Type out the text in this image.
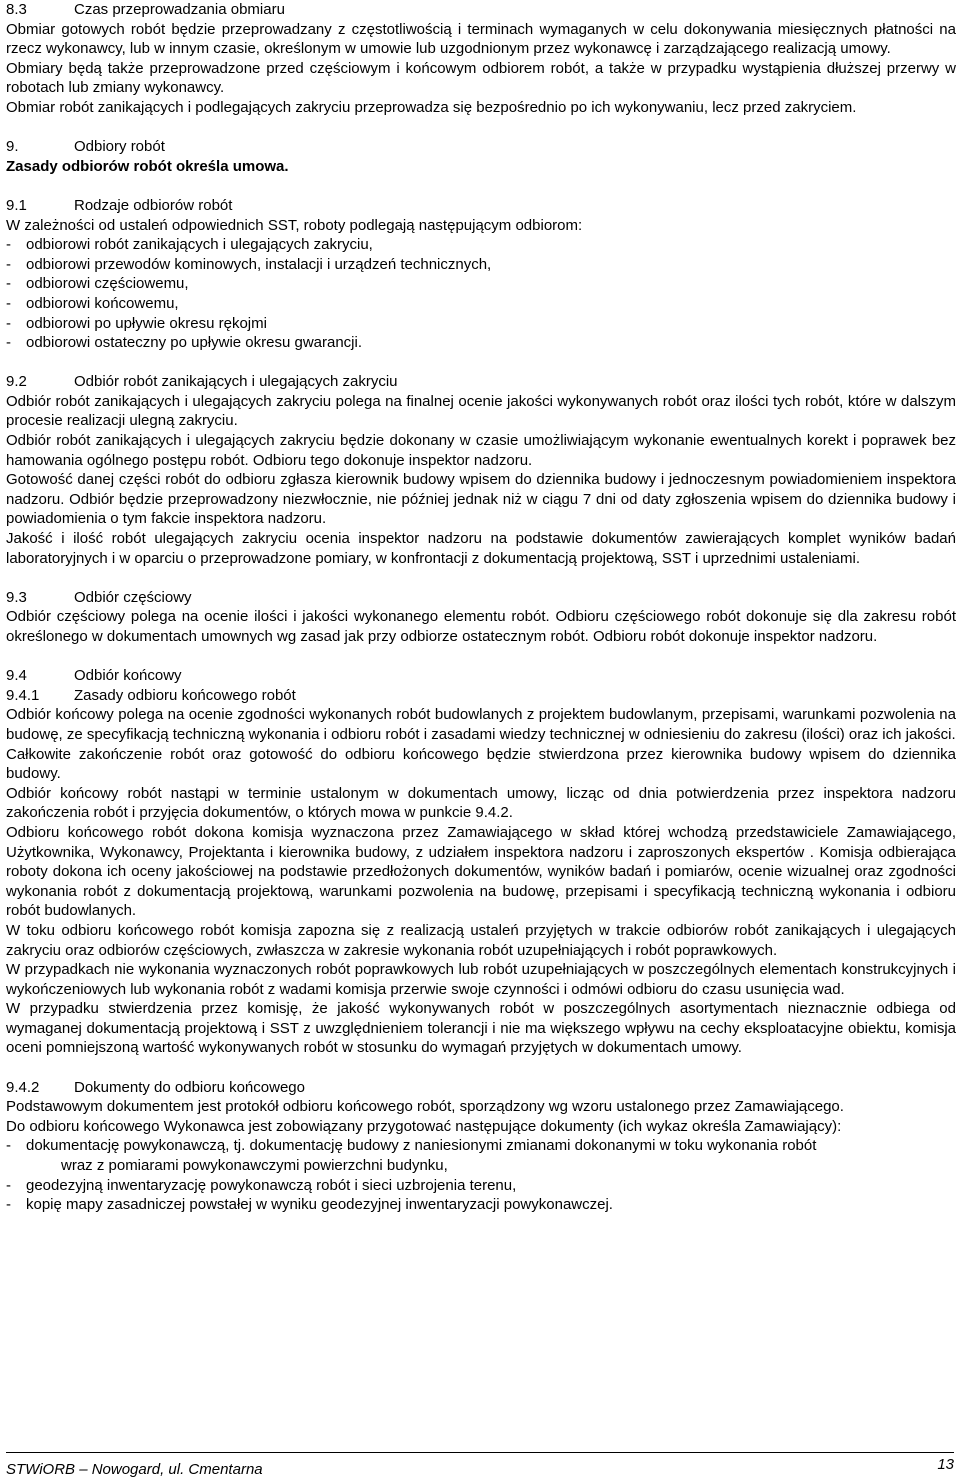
8.3	Czas przeprowadzania obmiaru

Obmiar gotowych robót będzie przeprowadzany z częstotliwością i terminach wymaganych w celu dokonywania miesięcznych płatności na rzecz wykonawcy, lub w innym czasie, określonym w umowie lub uzgodnionym przez wykonawcę i zarządzającego realizacją umowy.

Obmiary będą także przeprowadzone przed częściowym i końcowym odbiorem robót, a także w przypadku wystąpienia dłuższej przerwy w robotach lub zmiany wykonawcy.

Obmiar robót zanikających i podlegających zakryciu przeprowadza się bezpośrednio po ich wykonywaniu, lecz przed zakryciem.

9.	Odbiory robót

Zasady odbiorów robót określa umowa.

9.1	Rodzaje odbiorów robót

W zależności od ustaleń odpowiednich SST, roboty podlegają następującym odbiorom:

- odbiorowi robót zanikających i ulegających zakryciu,
- odbiorowi przewodów kominowych, instalacji i urządzeń technicznych,
- odbiorowi częściowemu,
- odbiorowi końcowemu,
- odbiorowi po upływie okresu rękojmi
- odbiorowi ostateczny po upływie okresu gwarancji.
9.2	Odbiór robót zanikających i ulegających zakryciu

Odbiór robót zanikających i ulegających zakryciu polega na finalnej ocenie jakości wykonywanych robót oraz ilości tych robót, które w dalszym procesie realizacji ulegną zakryciu.

Odbiór robót zanikających i ulegających zakryciu będzie dokonany w czasie umożliwiającym wykonanie ewentualnych korekt i poprawek bez hamowania ogólnego postępu robót. Odbioru tego dokonuje inspektor nadzoru.

Gotowość danej części robót do odbioru zgłasza kierownik budowy wpisem do dziennika budowy i jednoczesnym powiadomieniem inspektora nadzoru. Odbiór będzie przeprowadzony niezwłocznie, nie później jednak niż w ciągu 7 dni od daty zgłoszenia wpisem do dziennika budowy i powiadomienia o tym fakcie inspektora nadzoru.

Jakość i ilość robót ulegających zakryciu ocenia inspektor nadzoru na podstawie dokumentów zawierających komplet wyników badań laboratoryjnych i w oparciu o przeprowadzone pomiary, w konfrontacji z dokumentacją projektową, SST i uprzednimi ustaleniami.

9.3	Odbiór częściowy

Odbiór częściowy polega na ocenie ilości i jakości wykonanego elementu robót. Odbioru częściowego robót dokonuje się dla zakresu robót określonego w dokumentach umownych wg zasad jak przy odbiorze ostatecznym robót. Odbioru robót dokonuje inspektor nadzoru.

9.4	Odbiór końcowy
9.4.1 Zasady odbioru końcowego robót

Odbiór końcowy polega na ocenie zgodności wykonanych robót budowlanych z projektem budowlanym, przepisami, warunkami pozwolenia na budowę, ze specyfikacją techniczną wykonania i odbioru robót i zasadami wiedzy technicznej w odniesieniu do zakresu (ilości) oraz ich jakości.

Całkowite zakończenie robót oraz gotowość do odbioru końcowego będzie stwierdzona przez kierownika budowy wpisem do dziennika budowy.

Odbiór końcowy robót nastąpi w terminie ustalonym w dokumentach umowy, licząc od dnia potwierdzenia przez inspektora nadzoru zakończenia robót i przyjęcia dokumentów, o których mowa w punkcie 9.4.2.

Odbioru końcowego robót dokona komisja wyznaczona przez Zamawiającego w skład której wchodzą przedstawiciele Zamawiającego, Użytkownika, Wykonawcy, Projektanta i kierownika budowy, z udziałem inspektora nadzoru i zaproszonych ekspertów . Komisja odbierająca roboty dokona ich oceny jakościowej na podstawie przedłożonych dokumentów, wyników badań i pomiarów, ocenie wizualnej oraz zgodności wykonania robót z dokumentacją projektową, warunkami pozwolenia na budowę, przepisami i specyfikacją techniczną wykonania i odbioru robót budowlanych.

W toku odbioru końcowego robót komisja zapozna się z realizacją ustaleń przyjętych w trakcie odbiorów robót zanikających i ulegających zakryciu oraz odbiorów częściowych, zwłaszcza w zakresie wykonania robót uzupełniających i robót poprawkowych.

W przypadkach nie wykonania wyznaczonych robót poprawkowych lub robót uzupełniających w poszczególnych elementach konstrukcyjnych i wykończeniowych lub wykonania robót z wadami komisja przerwie swoje czynności i odmówi odbioru do czasu usunięcia wad.

W przypadku stwierdzenia przez komisję, że jakość wykonywanych robót w poszczególnych asortymentach nieznacznie odbiega od wymaganej dokumentacją projektową i SST z uwzględnieniem tolerancji i nie ma większego wpływu na cechy eksploatacyjne obiektu, komisja oceni pomniejszoną wartość wykonywanych robót w stosunku do wymagań przyjętych w dokumentach umowy.

9.4.2 Dokumenty do odbioru końcowego

Podstawowym dokumentem jest protokół odbioru końcowego robót, sporządzony wg wzoru ustalonego przez Zamawiającego.

Do odbioru końcowego Wykonawca jest zobowiązany przygotować następujące dokumenty (ich wykaz określa Zamawiający):

- dokumentację powykonawczą, tj. dokumentację budowy z naniesionymi zmianami dokonanymi w toku wykonania robót
wraz z pomiarami powykonawczymi powierzchni budynku,
- geodezyjną inwentaryzację powykonawczą robót i sieci uzbrojenia terenu,
- kopię mapy zasadniczej powstałej w wyniku geodezyjnej inwentaryzacji powykonawczej.
STWiORB – Nowogard, ul. Cmentarna	13
